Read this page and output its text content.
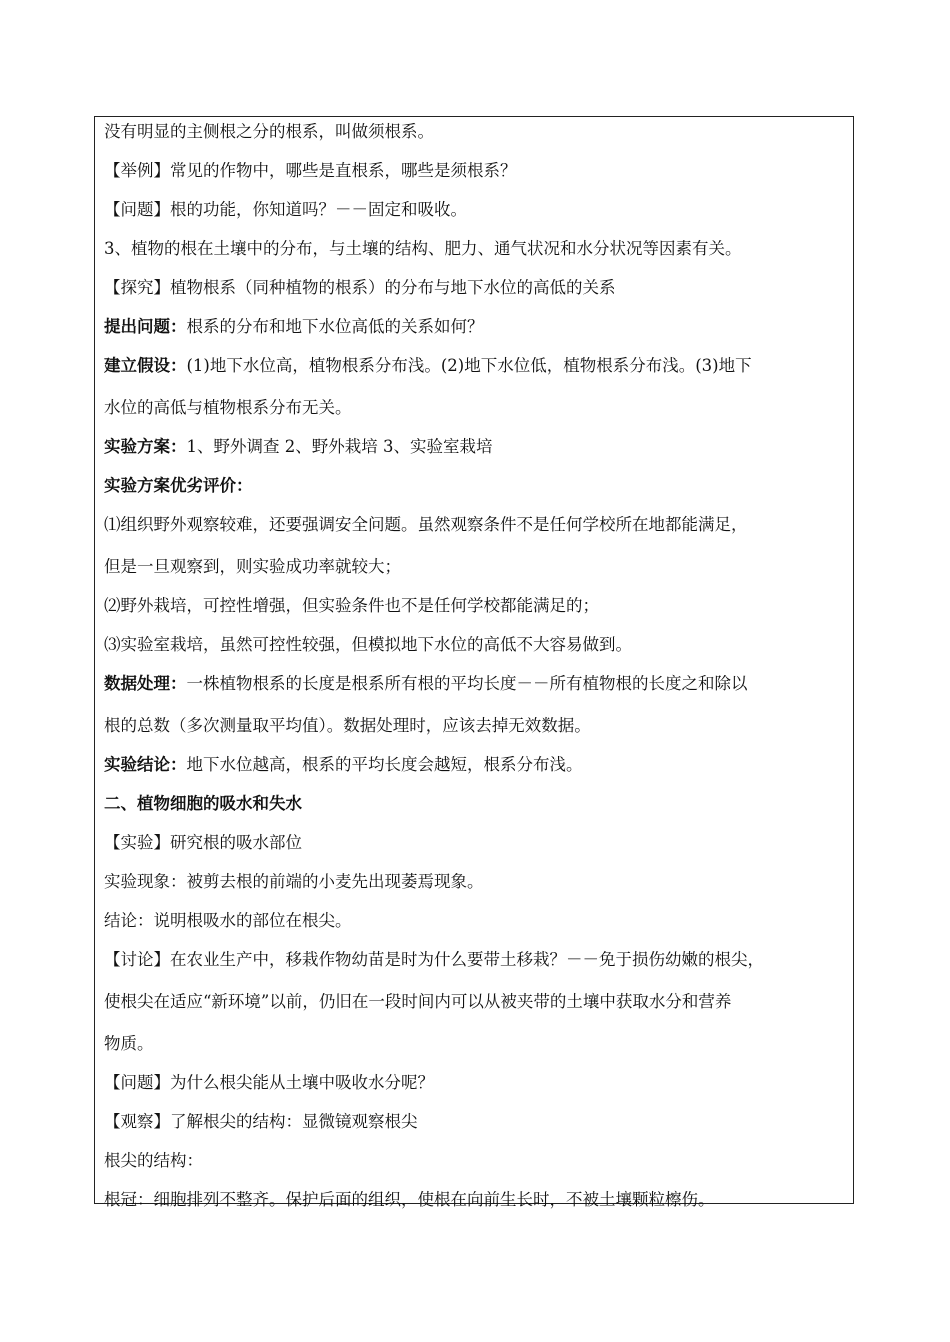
没有明显的主侧根之分的根系，叫做须根系。
【举例】常见的作物中，哪些是直根系，哪些是须根系？
【问题】根的功能，你知道吗？－－固定和吸收。
3、植物的根在土壤中的分布，与土壤的结构、肥力、通气状况和水分状况等因素有关。
【探究】植物根系（同种植物的根系）的分布与地下水位的高低的关系
提出问题：根系的分布和地下水位高低的关系如何？
建立假设：(1)地下水位高，植物根系分布浅。(2)地下水位低，植物根系分布浅。(3)地下
水位的高低与植物根系分布无关。
实验方案：1、野外调查 2、野外栽培 3、实验室栽培
实验方案优劣评价：
⑴组织野外观察较难，还要强调安全问题。虽然观察条件不是任何学校所在地都能满足，
但是一旦观察到，则实验成功率就较大；
⑵野外栽培，可控性增强，但实验条件也不是任何学校都能满足的；
⑶实验室栽培，虽然可控性较强，但模拟地下水位的高低不大容易做到。
数据处理：一株植物根系的长度是根系所有根的平均长度－－所有植物根的长度之和除以
根的总数（多次测量取平均值）。数据处理时，应该去掉无效数据。
实验结论：地下水位越高，根系的平均长度会越短，根系分布浅。
二、植物细胞的吸水和失水
【实验】研究根的吸水部位
实验现象：被剪去根的前端的小麦先出现萎焉现象。
结论：说明根吸水的部位在根尖。
【讨论】在农业生产中，移栽作物幼苗是时为什么要带土移栽？－－免于损伤幼嫩的根尖，
使根尖在适应“新环境”以前，仍旧在一段时间内可以从被夹带的土壤中获取水分和营养
物质。
【问题】为什么根尖能从土壤中吸收水分呢？
【观察】了解根尖的结构：显微镜观察根尖
根尖的结构：
根冠：细胞排列不整齐。保护后面的组织，使根在向前生长时，不被土壤颗粒檫伤。
